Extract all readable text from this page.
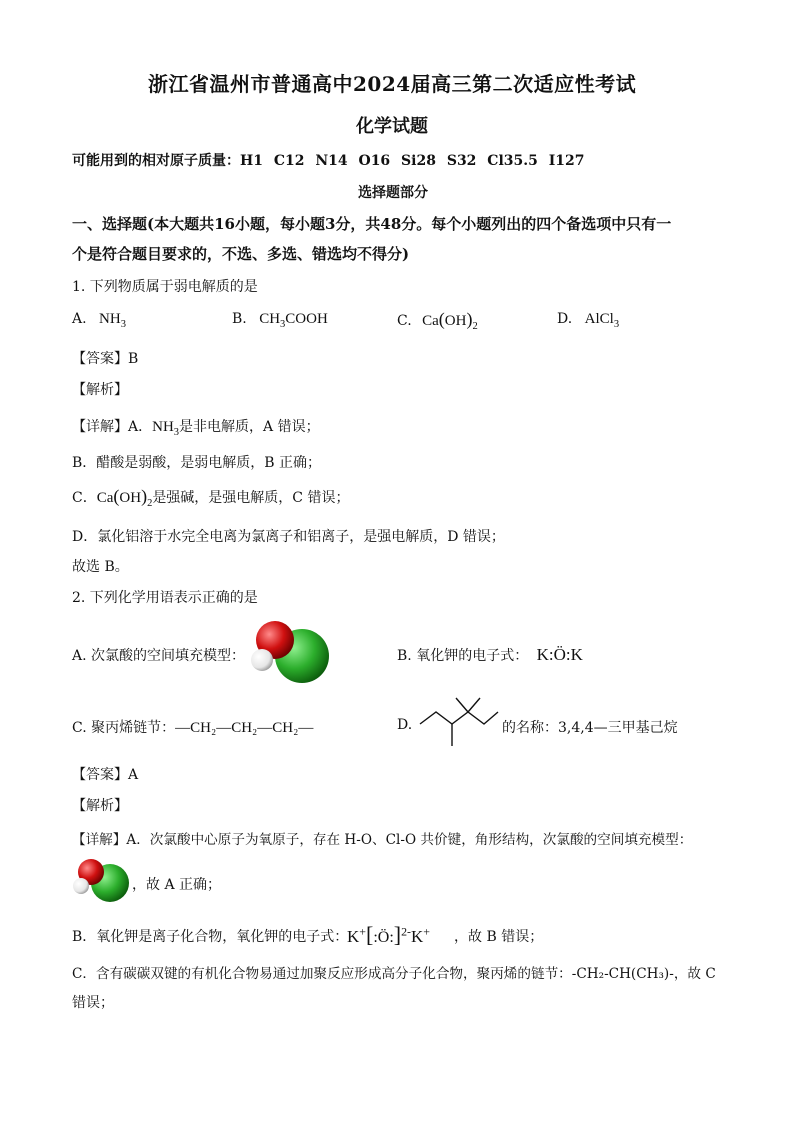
浙江省温州市普通高中2024届高三第二次适应性考试
化学试题
可能用到的相对原子质量：H1 C12 N14 O16 Si28 S32 Cl35.5 I127
选择题部分
一、选择题(本大题共16小题，每小题3分，共48分。每个小题列出的四个备选项中只有一
个是符合题目要求的，不选、多选、错选均不得分)
1. 下列物质属于弱电解质的是
A. $NH_3$	B. $CH_3COOH$	C. $Ca(OH)_2$	D. AlCl$_3$
【答案】B
【解析】
【详解】A．$NH_3$是非电解质，A 错误；
B．醋酸是弱酸，是弱电解质，B 正确；
C．$Ca(OH)_2$是强碱，是强电解质，C 错误；
D．氯化铝溶于水完全电离为氯离子和铝离子，是强电解质，D 错误；
故选 B。
2. 下列化学用语表示正确的是
A. 次氯酸的空间填充模型：	B. 氧化钾的电子式： K:Ö:K
C. 聚丙烯链节：—CH₂—CH₂—CH₂—	D.	的名称：3,4,4—三甲基己烷
【答案】A
【解析】
【详解】A．次氯酸中心原子为氧原子，存在 H-O、Cl-O 共价键，角形结构，次氯酸的空间填充模型：
，故 A 正确；
B．氧化钾是离子化合物，氧化钾的电子式：
K+[:Ö:]$^{2-}$K+ ，故 B 错误；
C．含有碳碳双键的有机化合物易通过加聚反应形成高分子化合物，聚丙烯的链节：-CH₂-CH(CH₃)-，故 C
错误；
